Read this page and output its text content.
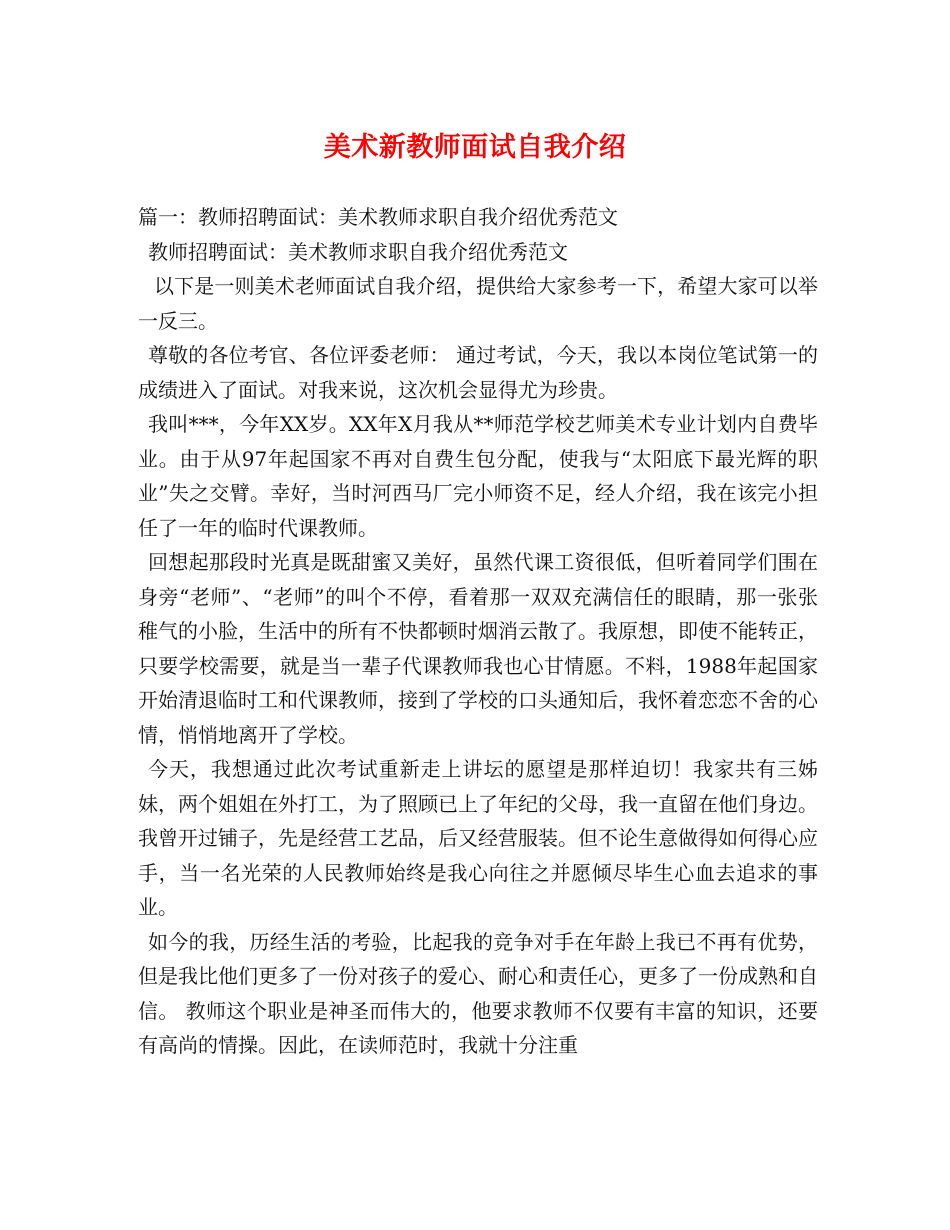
美术新教师面试自我介绍

篇一：教师招聘面试：美术教师求职自我介绍优秀范文

教师招聘面试：美术教师求职自我介绍优秀范文

以下是一则美术老师面试自我介绍，提供给大家参考一下，希望大家可以举一反三。

尊敬的各位考官、各位评委老师： 通过考试，今天，我以本岗位笔试第一的成绩进入了面试。对我来说，这次机会显得尤为珍贵。

我叫***，今年XX岁。XX年X月我从**师范学校艺师美术专业计划内自费毕业。由于从97年起国家不再对自费生包分配，使我与“太阳底下最光辉的职业”失之交臂。幸好，当时河西马厂完小师资不足，经人介绍，我在该完小担任了一年的临时代课教师。

回想起那段时光真是既甜蜜又美好，虽然代课工资很低，但听着同学们围在身旁“老师”、“老师”的叫个不停，看着那一双双充满信任的眼睛，那一张张稚气的小脸，生活中的所有不快都顿时烟消云散了。我原想，即使不能转正，只要学校需要，就是当一辈子代课教师我也心甘情愿。不料，1988年起国家开始清退临时工和代课教师，接到了学校的口头通知后，我怀着恋恋不舍的心情，悄悄地离开了学校。

今天，我想通过此次考试重新走上讲坛的愿望是那样迫切！我家共有三姊妹，两个姐姐在外打工，为了照顾已上了年纪的父母，我一直留在他们身边。我曾开过铺子，先是经营工艺品，后又经营服装。但不论生意做得如何得心应手，当一名光荣的人民教师始终是我心向往之并愿倾尽毕生心血去追求的事业。

如今的我，历经生活的考验，比起我的竞争对手在年龄上我已不再有优势，但是我比他们更多了一份对孩子的爱心、耐心和责任心，更多了一份成熟和自信。 教师这个职业是神圣而伟大的，他要求教师不仅要有丰富的知识，还要有高尚的情操。因此，在读师范时，我就十分注重
